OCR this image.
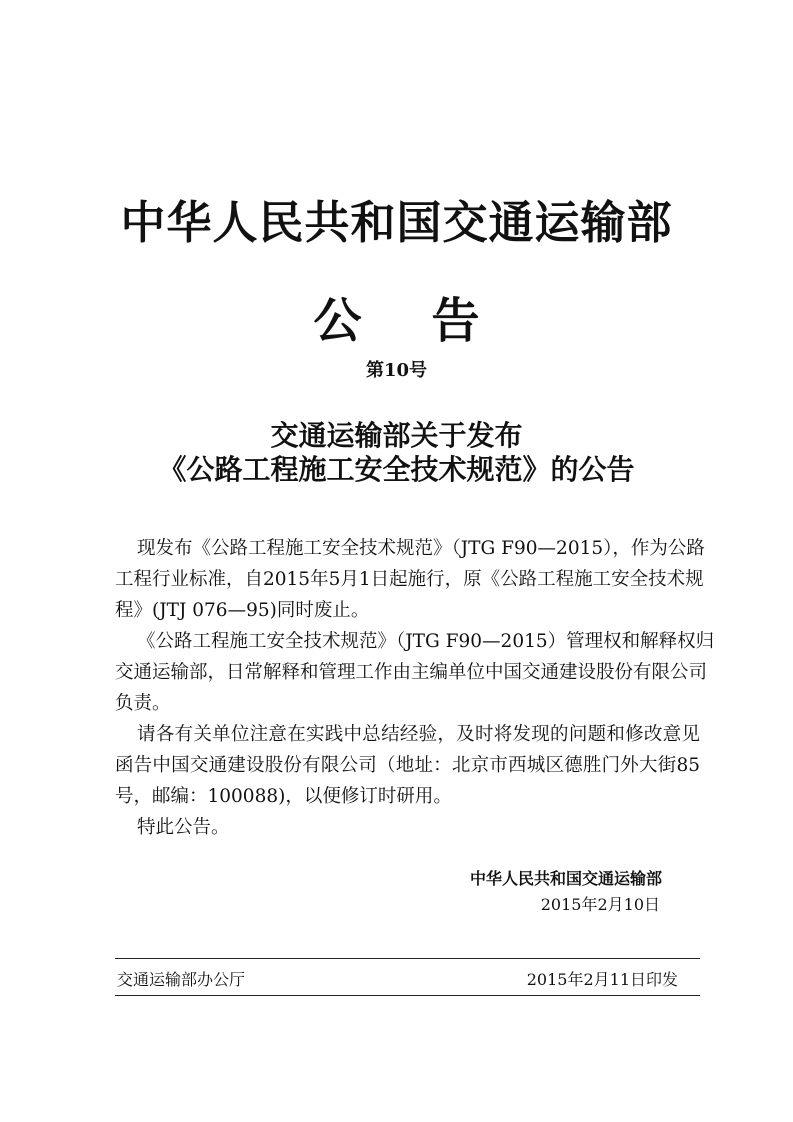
中华人民共和国交通运输部
公告
第10号
交通运输部关于发布
《公路工程施工安全技术规范》的公告
现发布《公路工程施工安全技术规范》（JTG F90—2015），作为公路
工程行业标准，自2015年5月1日起施行，原《公路工程施工安全技术规
程》(JTJ 076—95)同时废止。
《公路工程施工安全技术规范》（JTG F90—2015）管理权和解释权归
交通运输部，日常解释和管理工作由主编单位中国交通建设股份有限公司
负责。
请各有关单位注意在实践中总结经验，及时将发现的问题和修改意见
函告中国交通建设股份有限公司（地址：北京市西城区德胜门外大街85
号，邮编：100088)，以便修订时研用。
特此公告。
中华人民共和国交通运输部
2015年2月10日
交通运输部办公厅	2015年2月11日印发
